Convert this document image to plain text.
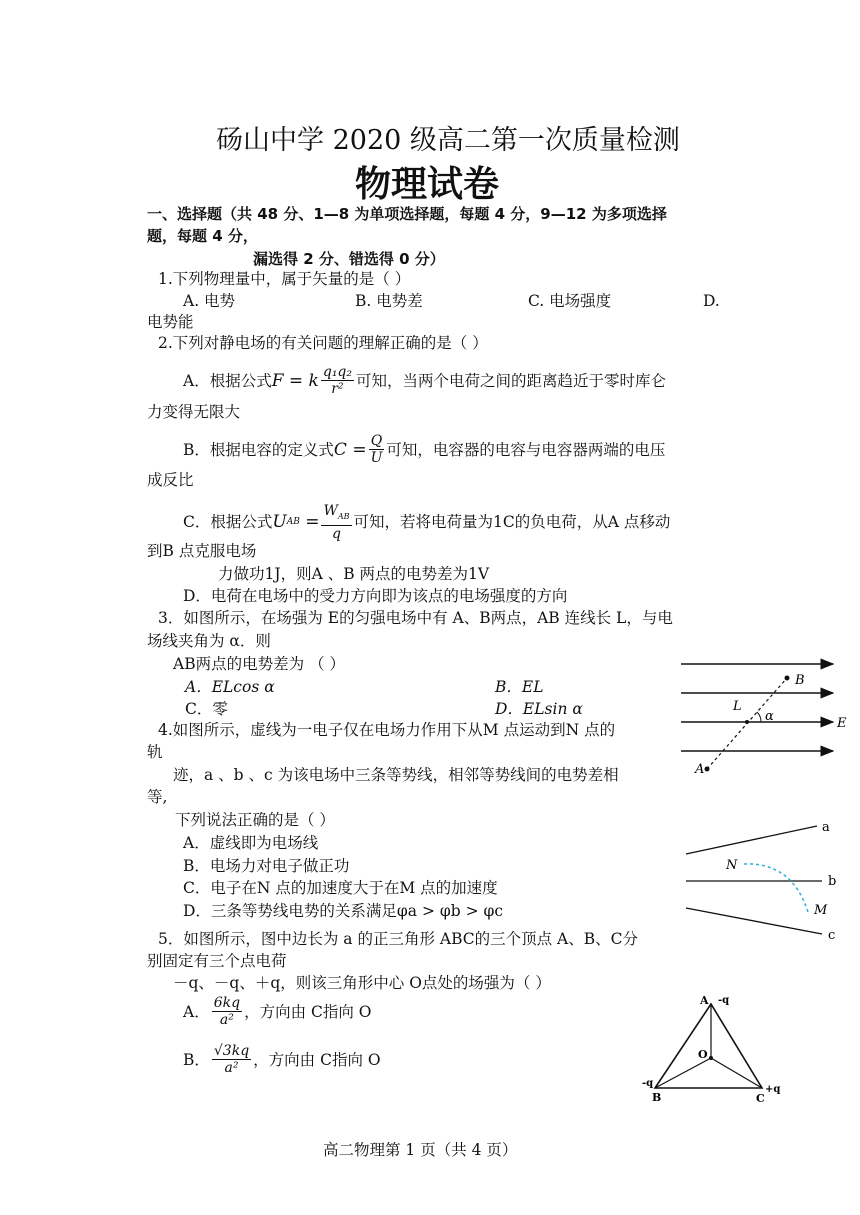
砀山中学 2020 级高二第一次质量检测
物理试卷
一、选择题（共 48 分、1—8 为单项选择题，每题 4 分，9—12 为多项选择
题，每题 4 分，
漏选得 2 分、错选得 0 分）
1.下列物理量中，属于矢量的是（ ）
A. 电势	B. 电势差	C. 电场强度	D.
电势能
2.下列对静电场的有关问题的理解正确的是（ ）
A．根据公式 F = k $\frac{\text{q₁q₂}}{\text{r²}}$ 可知，当两个电荷之间的距离趋近于零时库仑
力变得无限大
B．根据电容的定义式 $C = \frac{Q}{U}$ 可知，电容器的电容与电容器两端的电压
成反比
C．根据公式 U AB = $\frac{W_{AB}}{q}$ 可知，若将电荷量为1C的负电荷，从A 点移动
到B 点克服电场
力做功1J，则A 、B 两点的电势差为1V
D．电荷在电场中的受力方向即为该点的电场强度的方向
3．如图所示，在场强为 E的匀强电场中有 A、B两点，AB 连线长 L，与电
场线夹角为 α．则
AB两点的电势差为 （ ）
A．ELcos α	B．EL
C．零	D．ELsin α
B
L
α	E
A
4.如图所示，虚线为一电子仅在电场力作用下从M 点运动到N 点的
轨
迹，a 、b 、c 为该电场中三条等势线，相邻等势线间的电势差相
等,
下列说法正确的是（ ）
A．虚线即为电场线
B．电场力对电子做正功
C．电子在N 点的加速度大于在M 点的加速度
D．三条等势线电势的关系满足φa > φb > φc
a
b
c
N
M
5．如图所示，图中边长为 a 的正三角形 ABC的三个顶点 A、B、C分
别固定有三个点电荷
－q、－q、＋q，则该三角形中心 O点处的场强为（ ）
A． $\frac{6kq}{\text{a²}}$ ，方向由 C指向 O
B． $\frac{√3kq}{\text{a²}}$ ，方向由 C指向 O
A -q
O
-q
B
+q
C
高二物理第 1 页（共 4 页）
